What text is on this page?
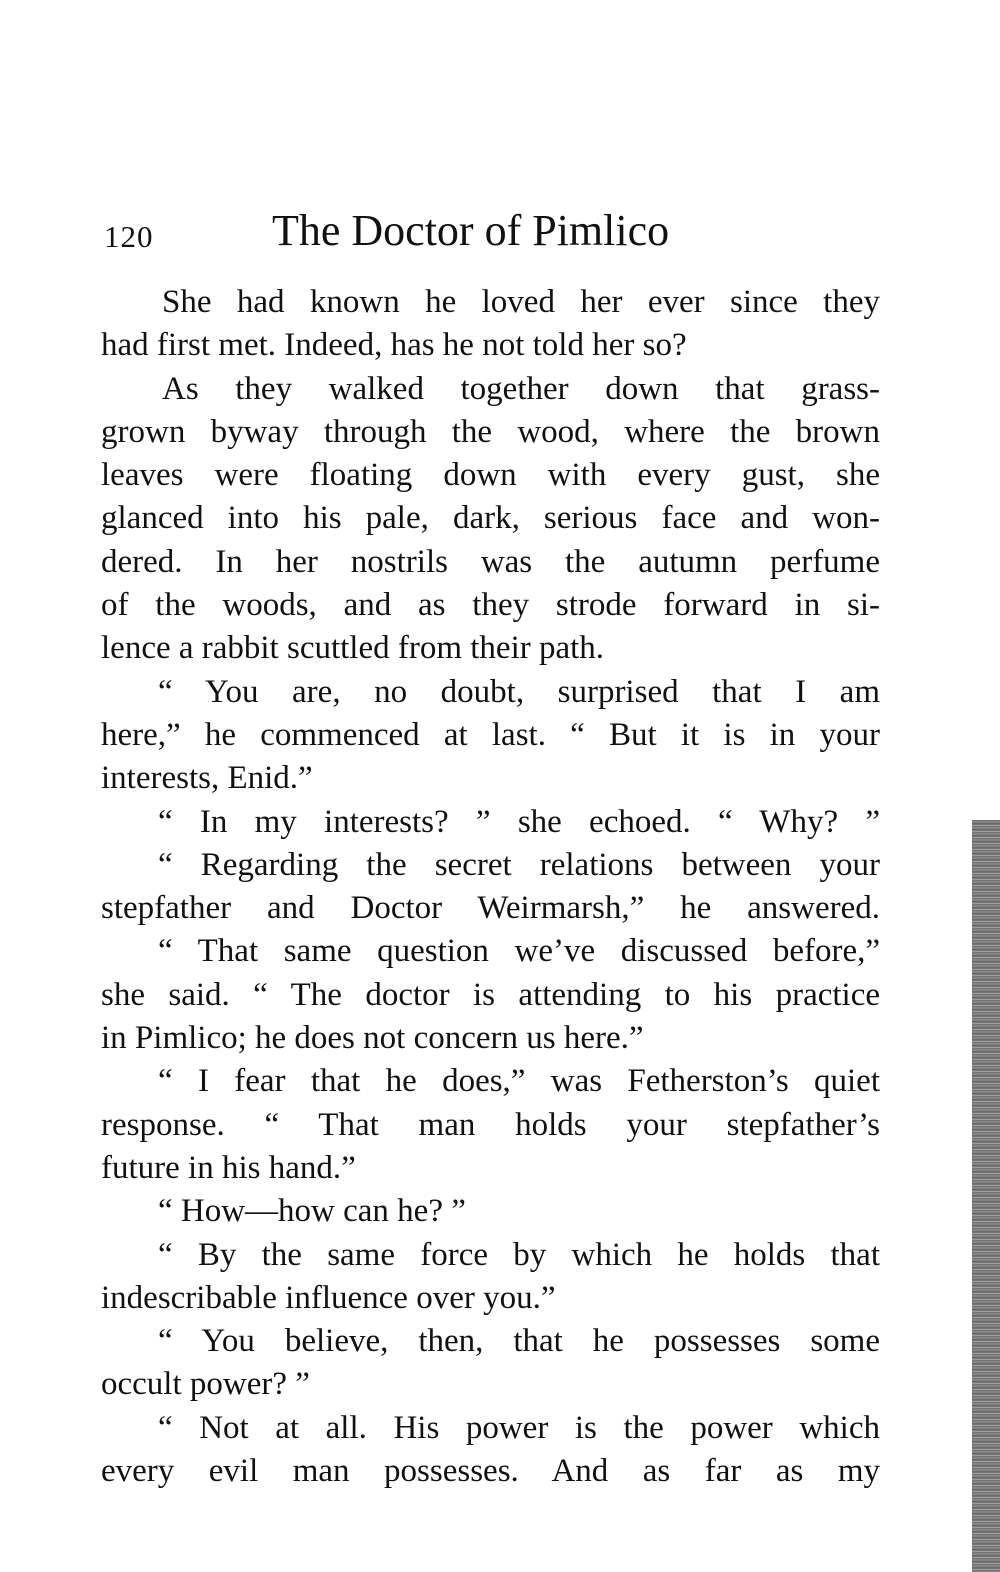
120	The Doctor of Pimlico
She had known he loved her ever since they
had first met. Indeed, has he not told her so?
As they walked together down that grass-
grown byway through the wood, where the brown
leaves were floating down with every gust, she
glanced into his pale, dark, serious face and won-
dered. In her nostrils was the autumn perfume
of the woods, and as they strode forward in si-
lence a rabbit scuttled from their path.
“ You are, no doubt, surprised that I am
here,” he commenced at last. “ But it is in your
interests, Enid.”
“ In my interests? ” she echoed. “ Why? ”
“ Regarding the secret relations between your
stepfather and Doctor Weirmarsh,” he answered.
“ That same question we’ve discussed before,”
she said. “ The doctor is attending to his practice
in Pimlico; he does not concern us here.”
“ I fear that he does,” was Fetherston’s quiet
response. “ That man holds your stepfather’s
future in his hand.”
“ How—how can he? ”
“ By the same force by which he holds that
indescribable influence over you.”
“ You believe, then, that he possesses some
occult power? ”
“ Not at all. His power is the power which
every evil man possesses. And as far as my
